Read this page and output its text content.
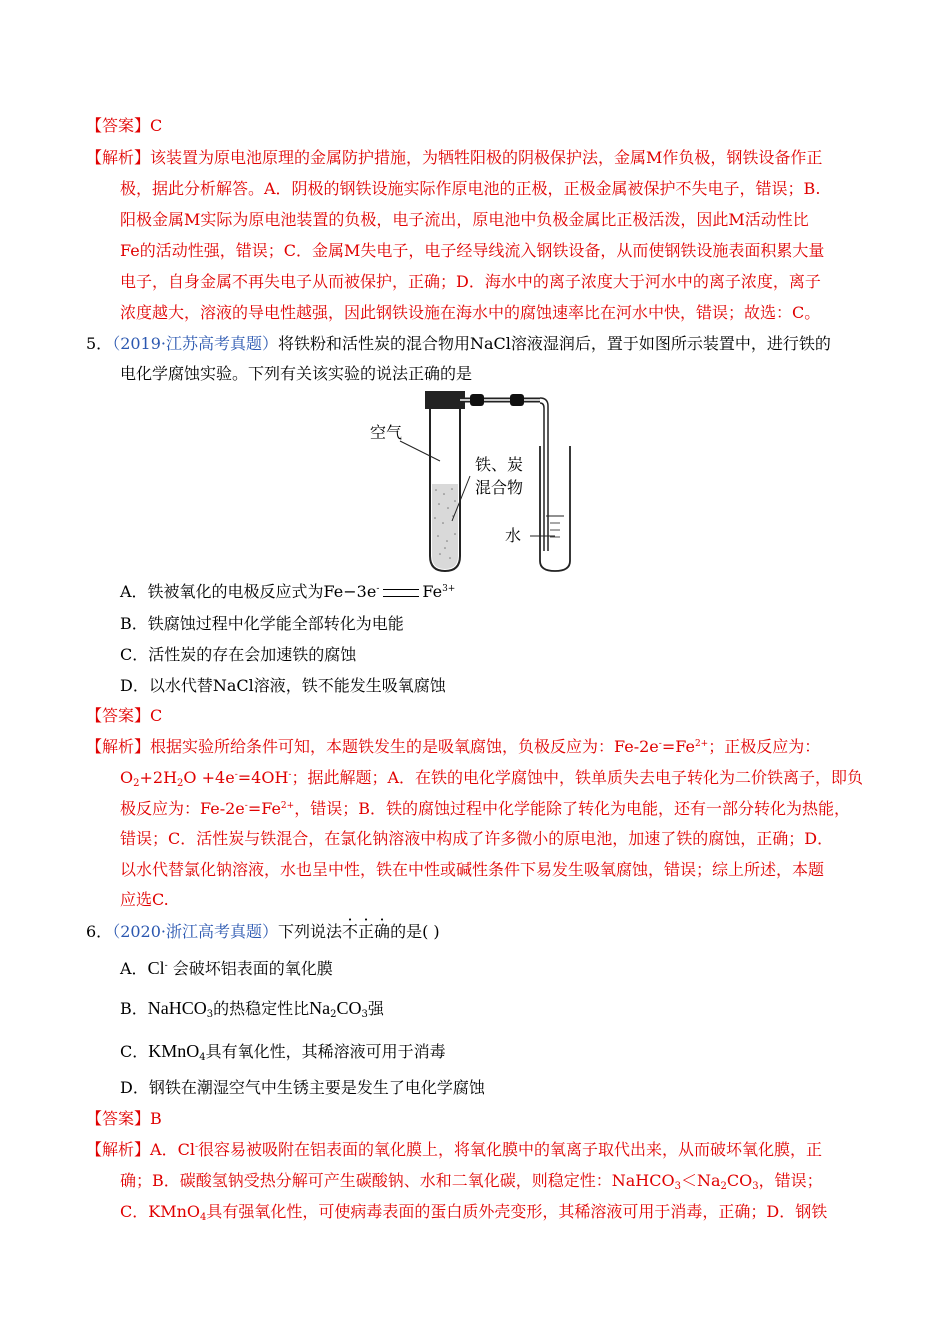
【答案】C
【解析】该装置为原电池原理的金属防护措施，为牺牲阳极的阴极保护法，金属M作负极，钢铁设备作正
极，据此分析解答。A．阴极的钢铁设施实际作原电池的正极，正极金属被保护不失电子，错误；B.
阳极金属M实际为原电池装置的负极，电子流出，原电池中负极金属比正极活泼，因此M活动性比
Fe的活动性强，错误；C．金属M失电子，电子经导线流入钢铁设备，从而使钢铁设施表面积累大量
电子，自身金属不再失电子从而被保护，正确；D．海水中的离子浓度大于河水中的离子浓度，离子
浓度越大，溶液的导电性越强，因此钢铁设施在海水中的腐蚀速率比在河水中快，错误；故选：C。
5．（2019·江苏高考真题）将铁粉和活性炭的混合物用NaCl溶液湿润后，置于如图所示装置中，进行铁的
电化学腐蚀实验。下列有关该实验的说法正确的是
空气
铁、炭
混合物
水
A．铁被氧化的电极反应式为Fe−3e-	$Fe^{3+}$
B．铁腐蚀过程中化学能全部转化为电能
C．活性炭的存在会加速铁的腐蚀
D．以水代替NaCl溶液，铁不能发生吸氧腐蚀
【答案】C
【解析】根据实验所给条件可知，本题铁发生的是吸氧腐蚀，负极反应为：$Fe-2e^-=Fe^{2+}$；正极反应为：
$O_2+2H_2O +4e^-=4OH^-$；据此解题；A．在铁的电化学腐蚀中，铁单质失去电子转化为二价铁离子，即负
极反应为：$Fe-2e^-=Fe^{2+}$，错误；B．铁的腐蚀过程中化学能除了转化为电能，还有一部分转化为热能，
错误；C．活性炭与铁混合，在氯化钠溶液中构成了许多微小的原电池，加速了铁的腐蚀，正确；D．
以水代替氯化钠溶液，水也呈中性，铁在中性或碱性条件下易发生吸氧腐蚀，错误；综上所述，本题
应选C.
6．（2020·浙江高考真题）下列说法不正确的是( )
A．Cl- 会破坏铝表面的氧化膜
B．NaHCO$_3$的热稳定性比$Na_2CO_3$强
C．KMnO$_4$具有氧化性，其稀溶液可用于消毒
D．钢铁在潮湿空气中生锈主要是发生了电化学腐蚀
【答案】B
【解析】A．Cl-很容易被吸附在铝表面的氧化膜上，将氧化膜中的氧离子取代出来，从而破坏氧化膜，正
确；B．碳酸氢钠受热分解可产生碳酸钠、水和二氧化碳，则稳定性：$NaHCO_3<Na_2CO_3$，错误；
C．KMnO$_4$具有强氧化性，可使病毒表面的蛋白质外壳变形，其稀溶液可用于消毒，正确；D．钢铁
